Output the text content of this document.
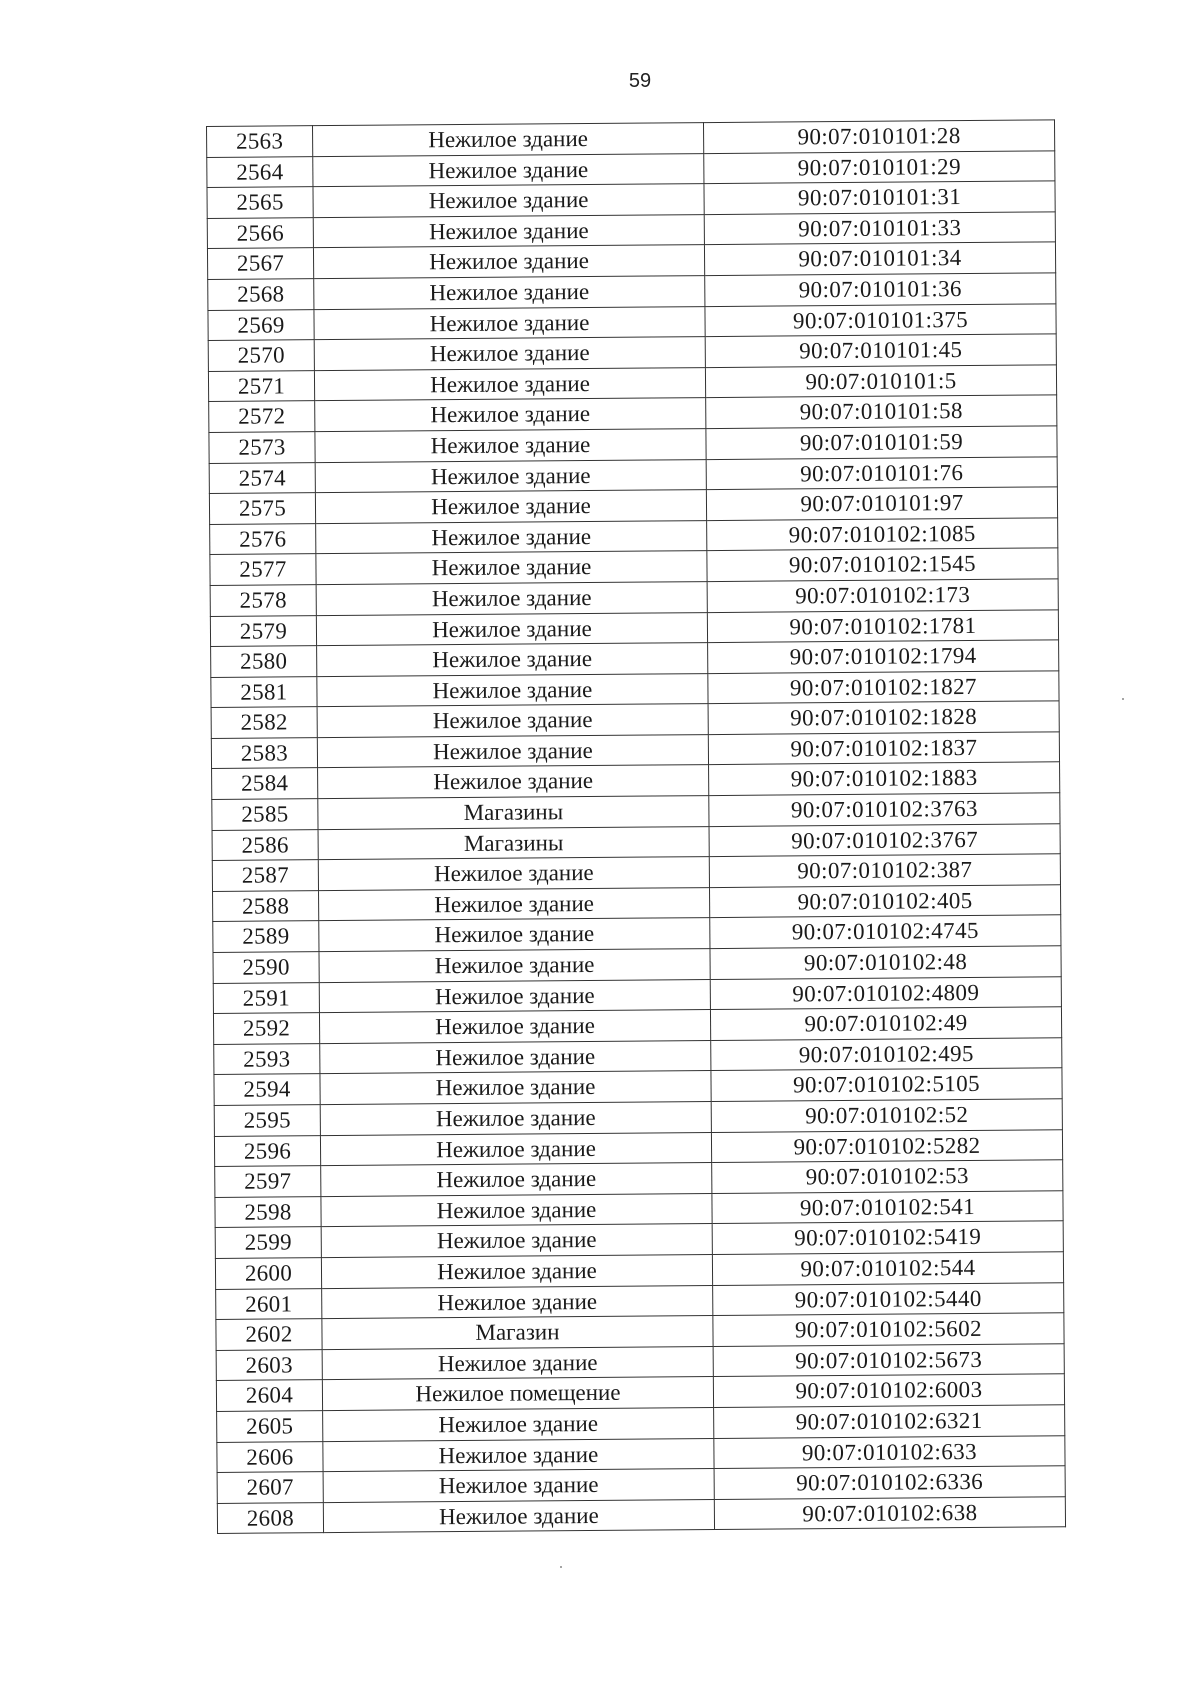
59
2563	Нежилое здание	90:07:010101:28
2564	Нежилое здание	90:07:010101:29
2565	Нежилое здание	90:07:010101:31
2566	Нежилое здание	90:07:010101:33
2567	Нежилое здание	90:07:010101:34
2568	Нежилое здание	90:07:010101:36
2569	Нежилое здание	90:07:010101:375
2570	Нежилое здание	90:07:010101:45
2571	Нежилое здание	90:07:010101:5
2572	Нежилое здание	90:07:010101:58
2573	Нежилое здание	90:07:010101:59
2574	Нежилое здание	90:07:010101:76
2575	Нежилое здание	90:07:010101:97
2576	Нежилое здание	90:07:010102:1085
2577	Нежилое здание	90:07:010102:1545
2578	Нежилое здание	90:07:010102:173
2579	Нежилое здание	90:07:010102:1781
2580	Нежилое здание	90:07:010102:1794
2581	Нежилое здание	90:07:010102:1827
2582	Нежилое здание	90:07:010102:1828
2583	Нежилое здание	90:07:010102:1837
2584	Нежилое здание	90:07:010102:1883
2585	Магазины	90:07:010102:3763
2586	Магазины	90:07:010102:3767
2587	Нежилое здание	90:07:010102:387
2588	Нежилое здание	90:07:010102:405
2589	Нежилое здание	90:07:010102:4745
2590	Нежилое здание	90:07:010102:48
2591	Нежилое здание	90:07:010102:4809
2592	Нежилое здание	90:07:010102:49
2593	Нежилое здание	90:07:010102:495
2594	Нежилое здание	90:07:010102:5105
2595	Нежилое здание	90:07:010102:52
2596	Нежилое здание	90:07:010102:5282
2597	Нежилое здание	90:07:010102:53
2598	Нежилое здание	90:07:010102:541
2599	Нежилое здание	90:07:010102:5419
2600	Нежилое здание	90:07:010102:544
2601	Нежилое здание	90:07:010102:5440
2602	Магазин	90:07:010102:5602
2603	Нежилое здание	90:07:010102:5673
2604	Нежилое помещение	90:07:010102:6003
2605	Нежилое здание	90:07:010102:6321
2606	Нежилое здание	90:07:010102:633
2607	Нежилое здание	90:07:010102:6336
2608	Нежилое здание	90:07:010102:638
